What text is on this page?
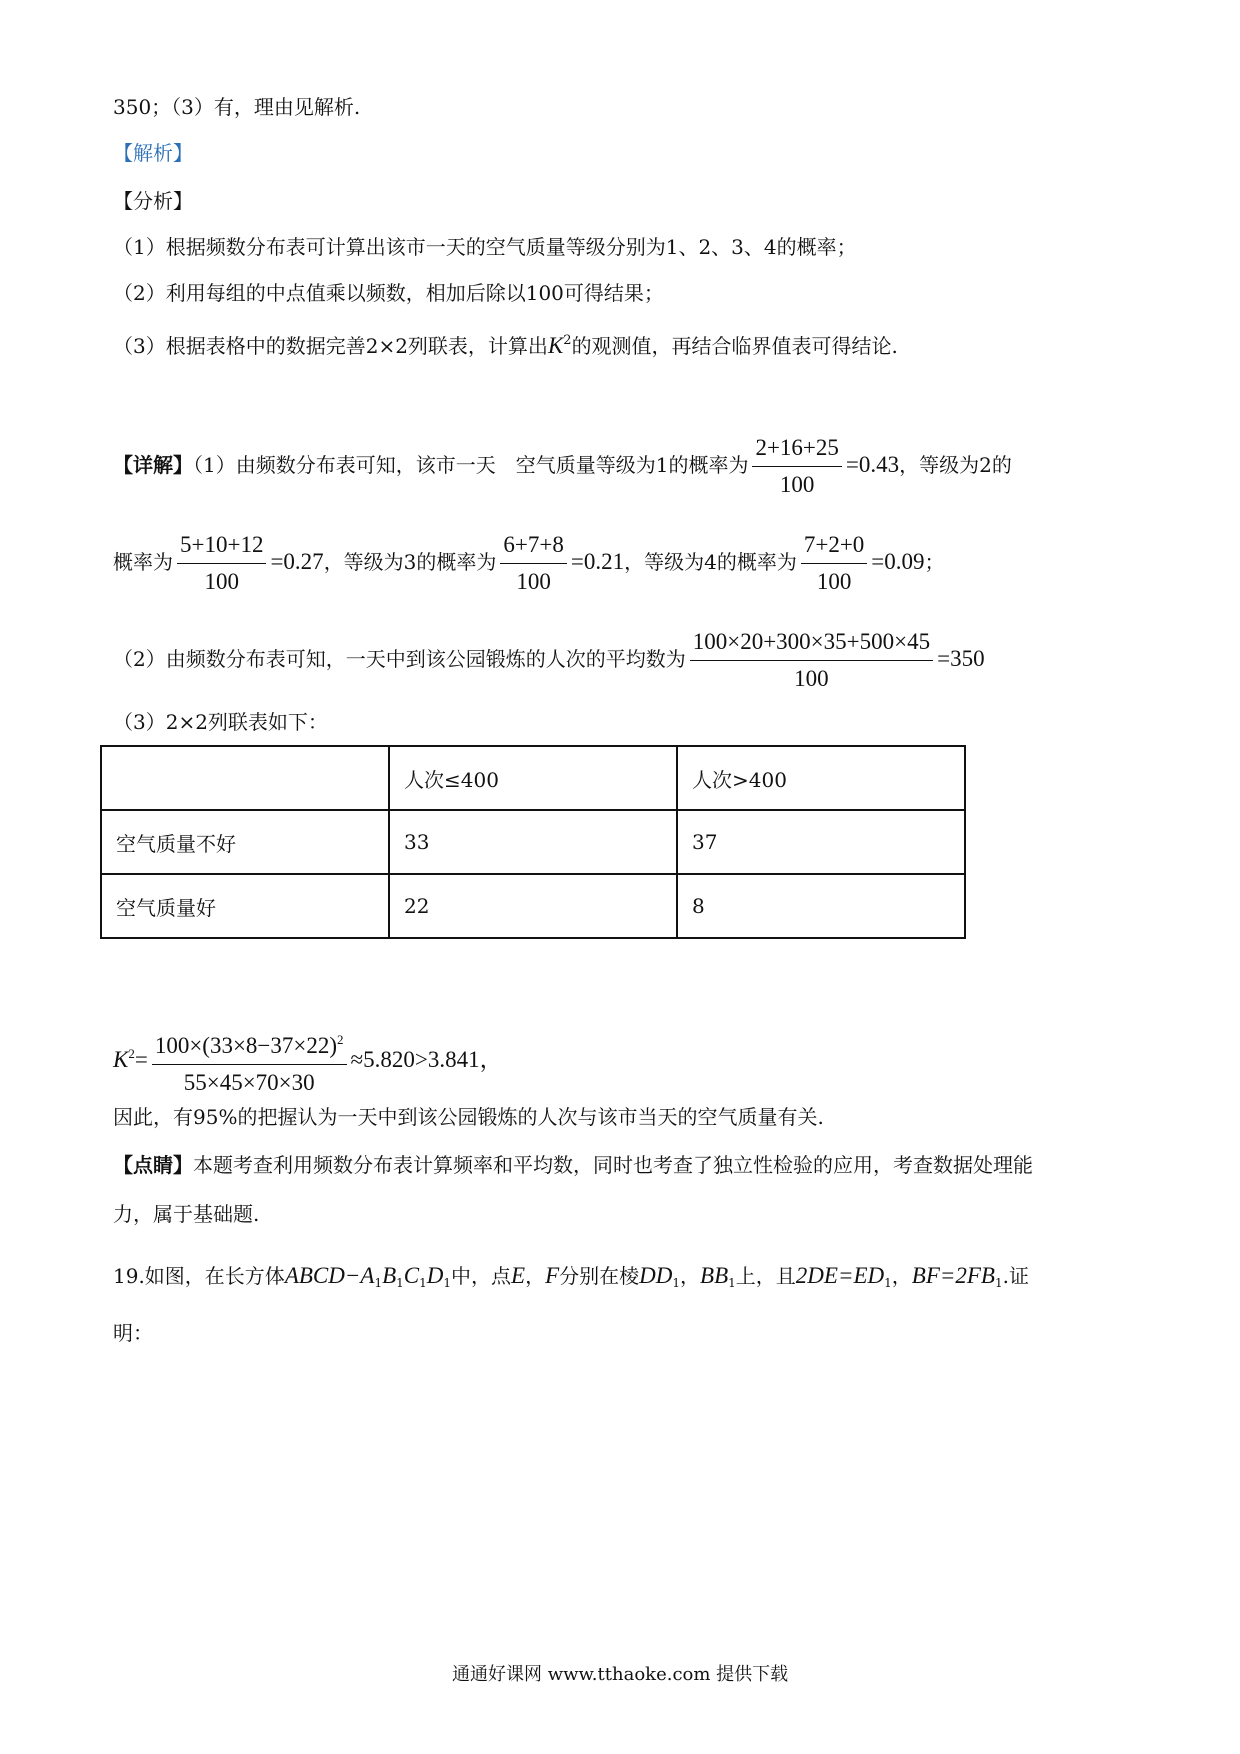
350；（3）有，理由见解析.
【解析】
【分析】
（1）根据频数分布表可计算出该市一天的空气质量等级分别为1、2、3、4的概率；
（2）利用每组的中点值乘以频数，相加后除以100可得结果；
（3）根据表格中的数据完善2×2列联表，计算出$K^2$的观测值，再结合临界值表可得结论.
【详解】（1）由频数分布表可知，该市一天　空气质量等级为1的概率为 $\frac{2+16+25}{100} =0.43$，等级为2的
概率为 $\frac{5+10+12}{100} =0.27$，等级为3的概率为 $\frac{6+7+8}{100} =0.21$，等级为4的概率为 $\frac{7+2+0}{100} =0.09$；
（2）由频数分布表可知，一天中到该公园锻炼的人次的平均数为 $\frac{100\times 20+300\times 35+500\times 45}{100} =350$
（3）2×2列联表如下：
	人次≤400	人次>400
空气质量不好	33	37
空气质量好	22	8
$K^2= \frac{100\times(33\times 8-37\times 22)^2}{55\times 45\times 70\times 30} \approx 5.820>3.841$，
因此，有95%的把握认为一天中到该公园锻炼的人次与该市当天的空气质量有关.
【点睛】本题考查利用频数分布表计算频率和平均数，同时也考查了独立性检验的应用，考查数据处理能
力，属于基础题.
19.如图，在长方体$ABCD-A_1B_1C_1D_1$中，点E，F分别在棱$DD_1$，$BB_1$上，且$2DE=ED_1$，$BF=2FB_1$.证
明：
通通好课网 www.tthaoke.com 提供下载
